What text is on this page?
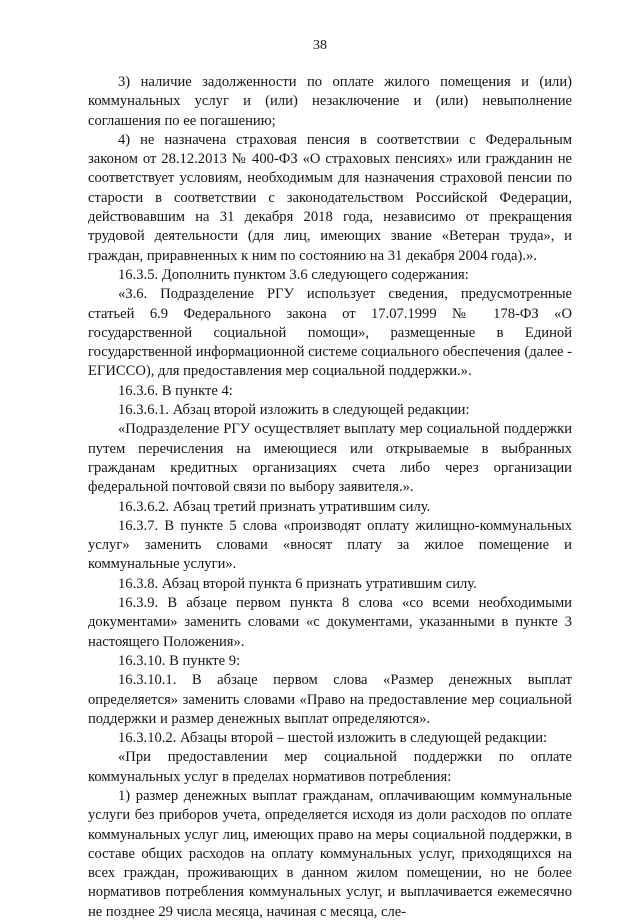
38

3) наличие задолженности по оплате жилого помещения и (или) коммунальных услуг и (или) незаключение и (или) невыполнение соглашения по ее погашению;

4) не назначена страховая пенсия в соответствии с Федеральным законом от 28.12.2013 № 400-ФЗ «О страховых пенсиях» или гражданин не соответствует условиям, необходимым для назначения страховой пенсии по старости в соответствии с законодательством Российской Федерации, действовавшим на 31 декабря 2018 года, независимо от прекращения трудовой деятельности (для лиц, имеющих звание «Ветеран труда», и граждан, приравненных к ним по состоянию на 31 декабря 2004 года).».

16.3.5. Дополнить пунктом 3.6 следующего содержания:

«3.6. Подразделение РГУ использует сведения, предусмотренные статьей 6.9 Федерального закона от 17.07.1999 № 178-ФЗ «О государственной социальной помощи», размещенные в Единой государственной информационной системе социального обеспечения (далее - ЕГИССО), для предоставления мер социальной поддержки.».

16.3.6. В пункте 4:

16.3.6.1. Абзац второй изложить в следующей редакции:

«Подразделение РГУ осуществляет выплату мер социальной поддержки путем перечисления на имеющиеся или открываемые в выбранных гражданам кредитных организациях счета либо через организации федеральной почтовой связи по выбору заявителя.».

16.3.6.2. Абзац третий признать утратившим силу.

16.3.7. В пункте 5 слова «производят оплату жилищно-коммунальных услуг» заменить словами «вносят плату за жилое помещение и коммунальные услуги».

16.3.8. Абзац второй пункта 6 признать утратившим силу.

16.3.9. В абзаце первом пункта 8 слова «со всеми необходимыми документами» заменить словами «с документами, указанными в пункте 3 настоящего Положения».

16.3.10. В пункте 9:

16.3.10.1. В абзаце первом слова «Размер денежных выплат определяется» заменить словами «Право на предоставление мер социальной поддержки и размер денежных выплат определяются».

16.3.10.2. Абзацы второй – шестой изложить в следующей редакции:

«При предоставлении мер социальной поддержки по оплате коммунальных услуг в пределах нормативов потребления:

1) размер денежных выплат гражданам, оплачивающим коммунальные услуги без приборов учета, определяется исходя из доли расходов по оплате коммунальных услуг лиц, имеющих право на меры социальной поддержки, в составе общих расходов на оплату коммунальных услуг, приходящихся на всех граждан, проживающих в данном жилом помещении, но не более нормативов потребления коммунальных услуг, и выплачивается ежемесячно не позднее 29 числа месяца, начиная с месяца, сле-
